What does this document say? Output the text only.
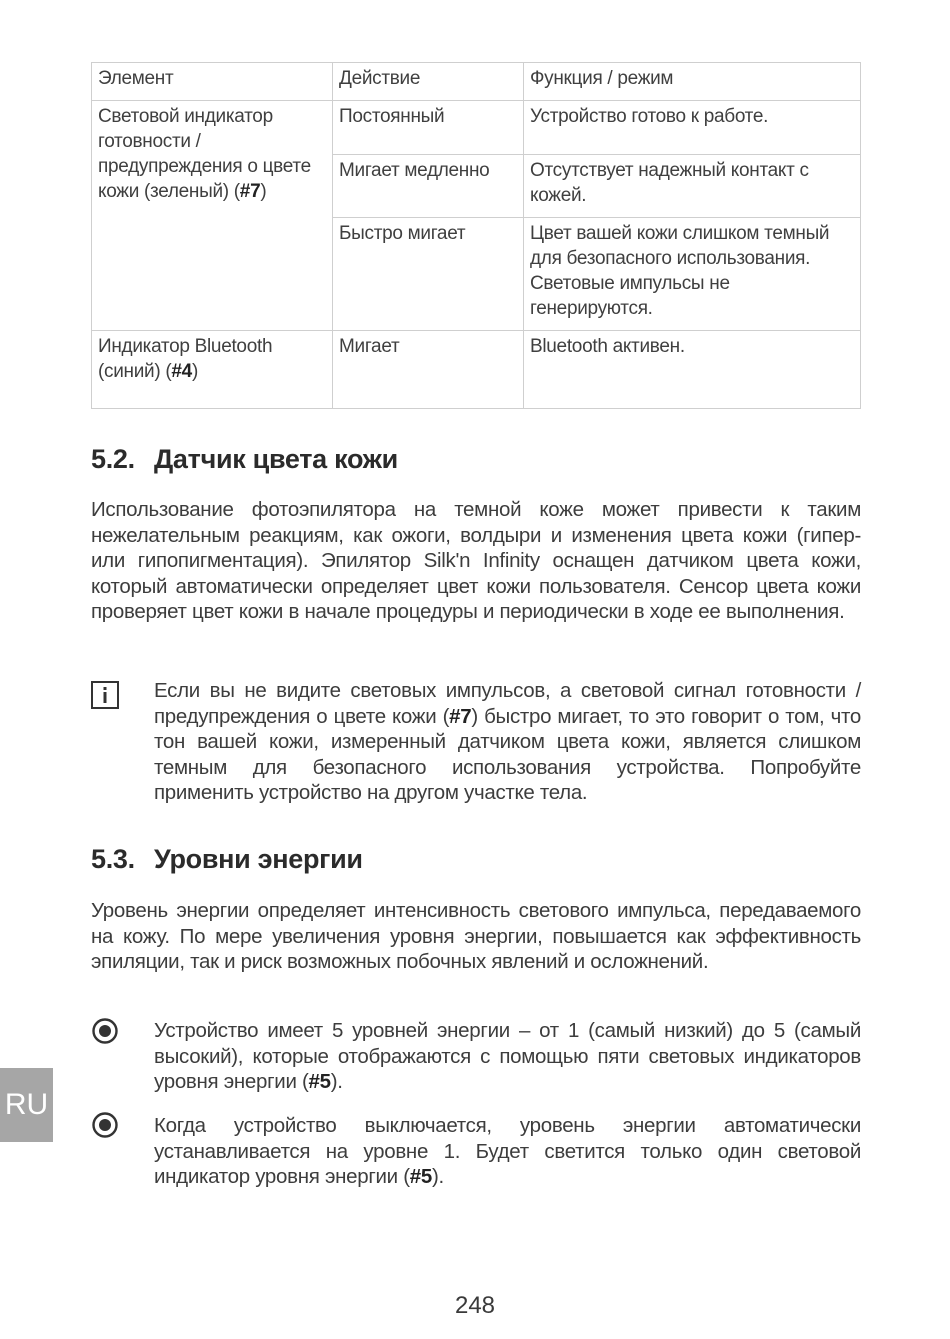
Элемент	Действие	Функция / режим
Световой индикатор готовности / предупреждения о цвете кожи (зеленый) (#7)	Постоянный	Устройство готово к работе.
	Мигает медленно	Отсутствует надежный контакт с кожей.
	Быстро мигает	Цвет вашей кожи слишком темный для безопасного использования. Световые импульсы не генерируются.
Индикатор Bluetooth (синий) (#4)	Мигает	Bluetooth активен.
5.2. Датчик цвета кожи

Использование фотоэпилятора на темной коже может привести к таким нежелательным реакциям, как ожоги, волдыри и изменения цвета кожи (гипер- или гипопигментация). Эпилятор Silk'n Infinity оснащен датчиком цвета кожи, который автоматически определяет цвет кожи пользователя. Сенсор цвета кожи проверяет цвет кожи в начале процедуры и периодически в ходе ее выполнения.

Если вы не видите световых импульсов, а световой сигнал готовности / предупреждения о цвете кожи (#7) быстро мигает, то это говорит о том, что тон вашей кожи, измеренный датчиком цвета кожи, является слишком темным для безопасного использования устройства. Попробуйте применить устройство на другом участке тела.

5.3. Уровни энергии

Уровень энергии определяет интенсивность светового импульса, передаваемого на кожу. По мере увеличения уровня энергии, повышается как эффективность эпиляции, так и риск возможных побочных явлений и осложнений.

Устройство имеет 5 уровней энергии – от 1 (самый низкий) до 5 (самый высокий), которые отображаются с помощью пяти световых индикаторов уровня энергии (#5).

Когда устройство выключается, уровень энергии автоматически устанавливается на уровне 1. Будет светится только один световой индикатор уровня энергии (#5).

RU
248
